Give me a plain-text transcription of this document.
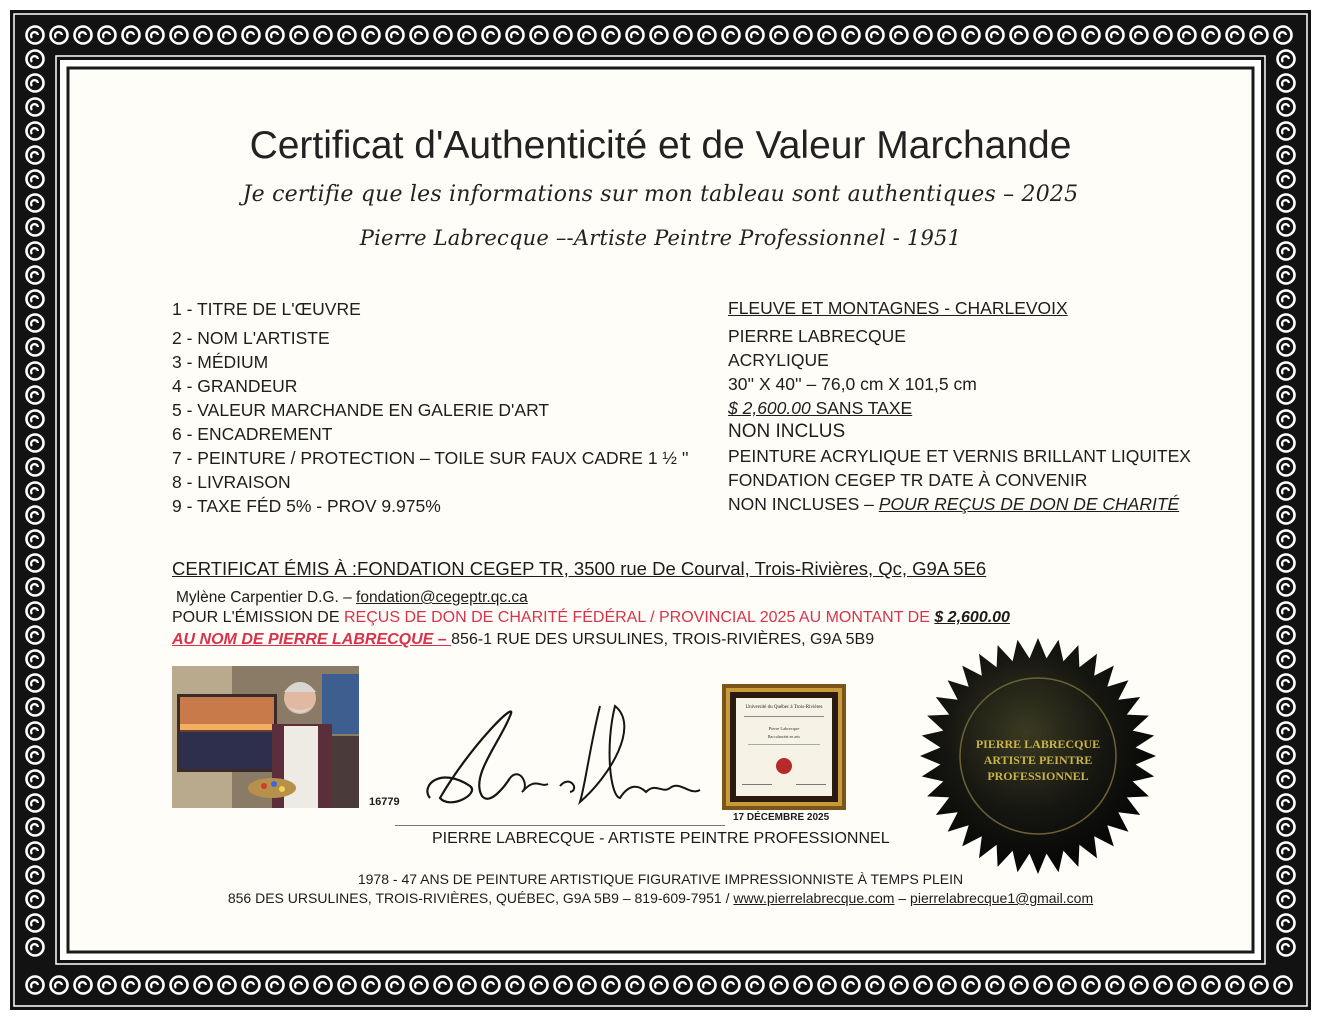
Certificat d'Authenticité et de Valeur Marchande
Je certifie que les informations sur mon tableau sont authentiques – 2025
Pierre Labrecque –-Artiste Peintre Professionnel - 1951
1 - TITRE DE L'ŒUVRE
2 - NOM L'ARTISTE
3 - MÉDIUM
4 - GRANDEUR
5 - VALEUR MARCHANDE EN GALERIE D'ART
6 - ENCADREMENT
7 - PEINTURE / PROTECTION – TOILE SUR FAUX CADRE 1 ½ ''
8 - LIVRAISON
9 - TAXE FÉD 5% - PROV 9.975%
FLEUVE ET MONTAGNES - CHARLEVOIX
PIERRE LABRECQUE
ACRYLIQUE
30'' X 40'' – 76,0 cm X 101,5 cm
$ 2,600.00 SANS TAXE
NON INCLUS
PEINTURE ACRYLIQUE ET VERNIS BRILLANT LIQUITEX
FONDATION CEGEP TR DATE À CONVENIR
NON INCLUSES – POUR REÇUS DE DON DE CHARITÉ
CERTIFICAT ÉMIS À :FONDATION CEGEP TR, 3500 rue De Courval, Trois-Rivières, Qc, G9A 5E6
Mylène Carpentier D.G. – fondation@cegeptr.qc.ca
POUR L'ÉMISSION DE REÇUS DE DON DE CHARITÉ FÉDÉRAL / PROVINCIAL 2025 AU MONTANT DE $ 2,600.00
AU NOM DE PIERRE LABRECQUE – 856-1 RUE DES URSULINES, TROIS-RIVIÈRES, G9A 5B9
16779
PIERRE LABRECQUE - ARTISTE PEINTRE PROFESSIONNEL
Université du Québec à Trois-Rivières
Pierre Labrecque
Baccalauréat en arts
17 DÉCEMBRE 2025
PIERRE LABRECQUE
ARTISTE PEINTRE
PROFESSIONNEL
1978 - 47 ANS DE PEINTURE ARTISTIQUE FIGURATIVE IMPRESSIONNISTE À TEMPS PLEIN
856 DES URSULINES, TROIS-RIVIÈRES, QUÉBEC, G9A 5B9 – 819-609-7951 / www.pierrelabrecque.com – pierrelabrecque1@gmail.com
